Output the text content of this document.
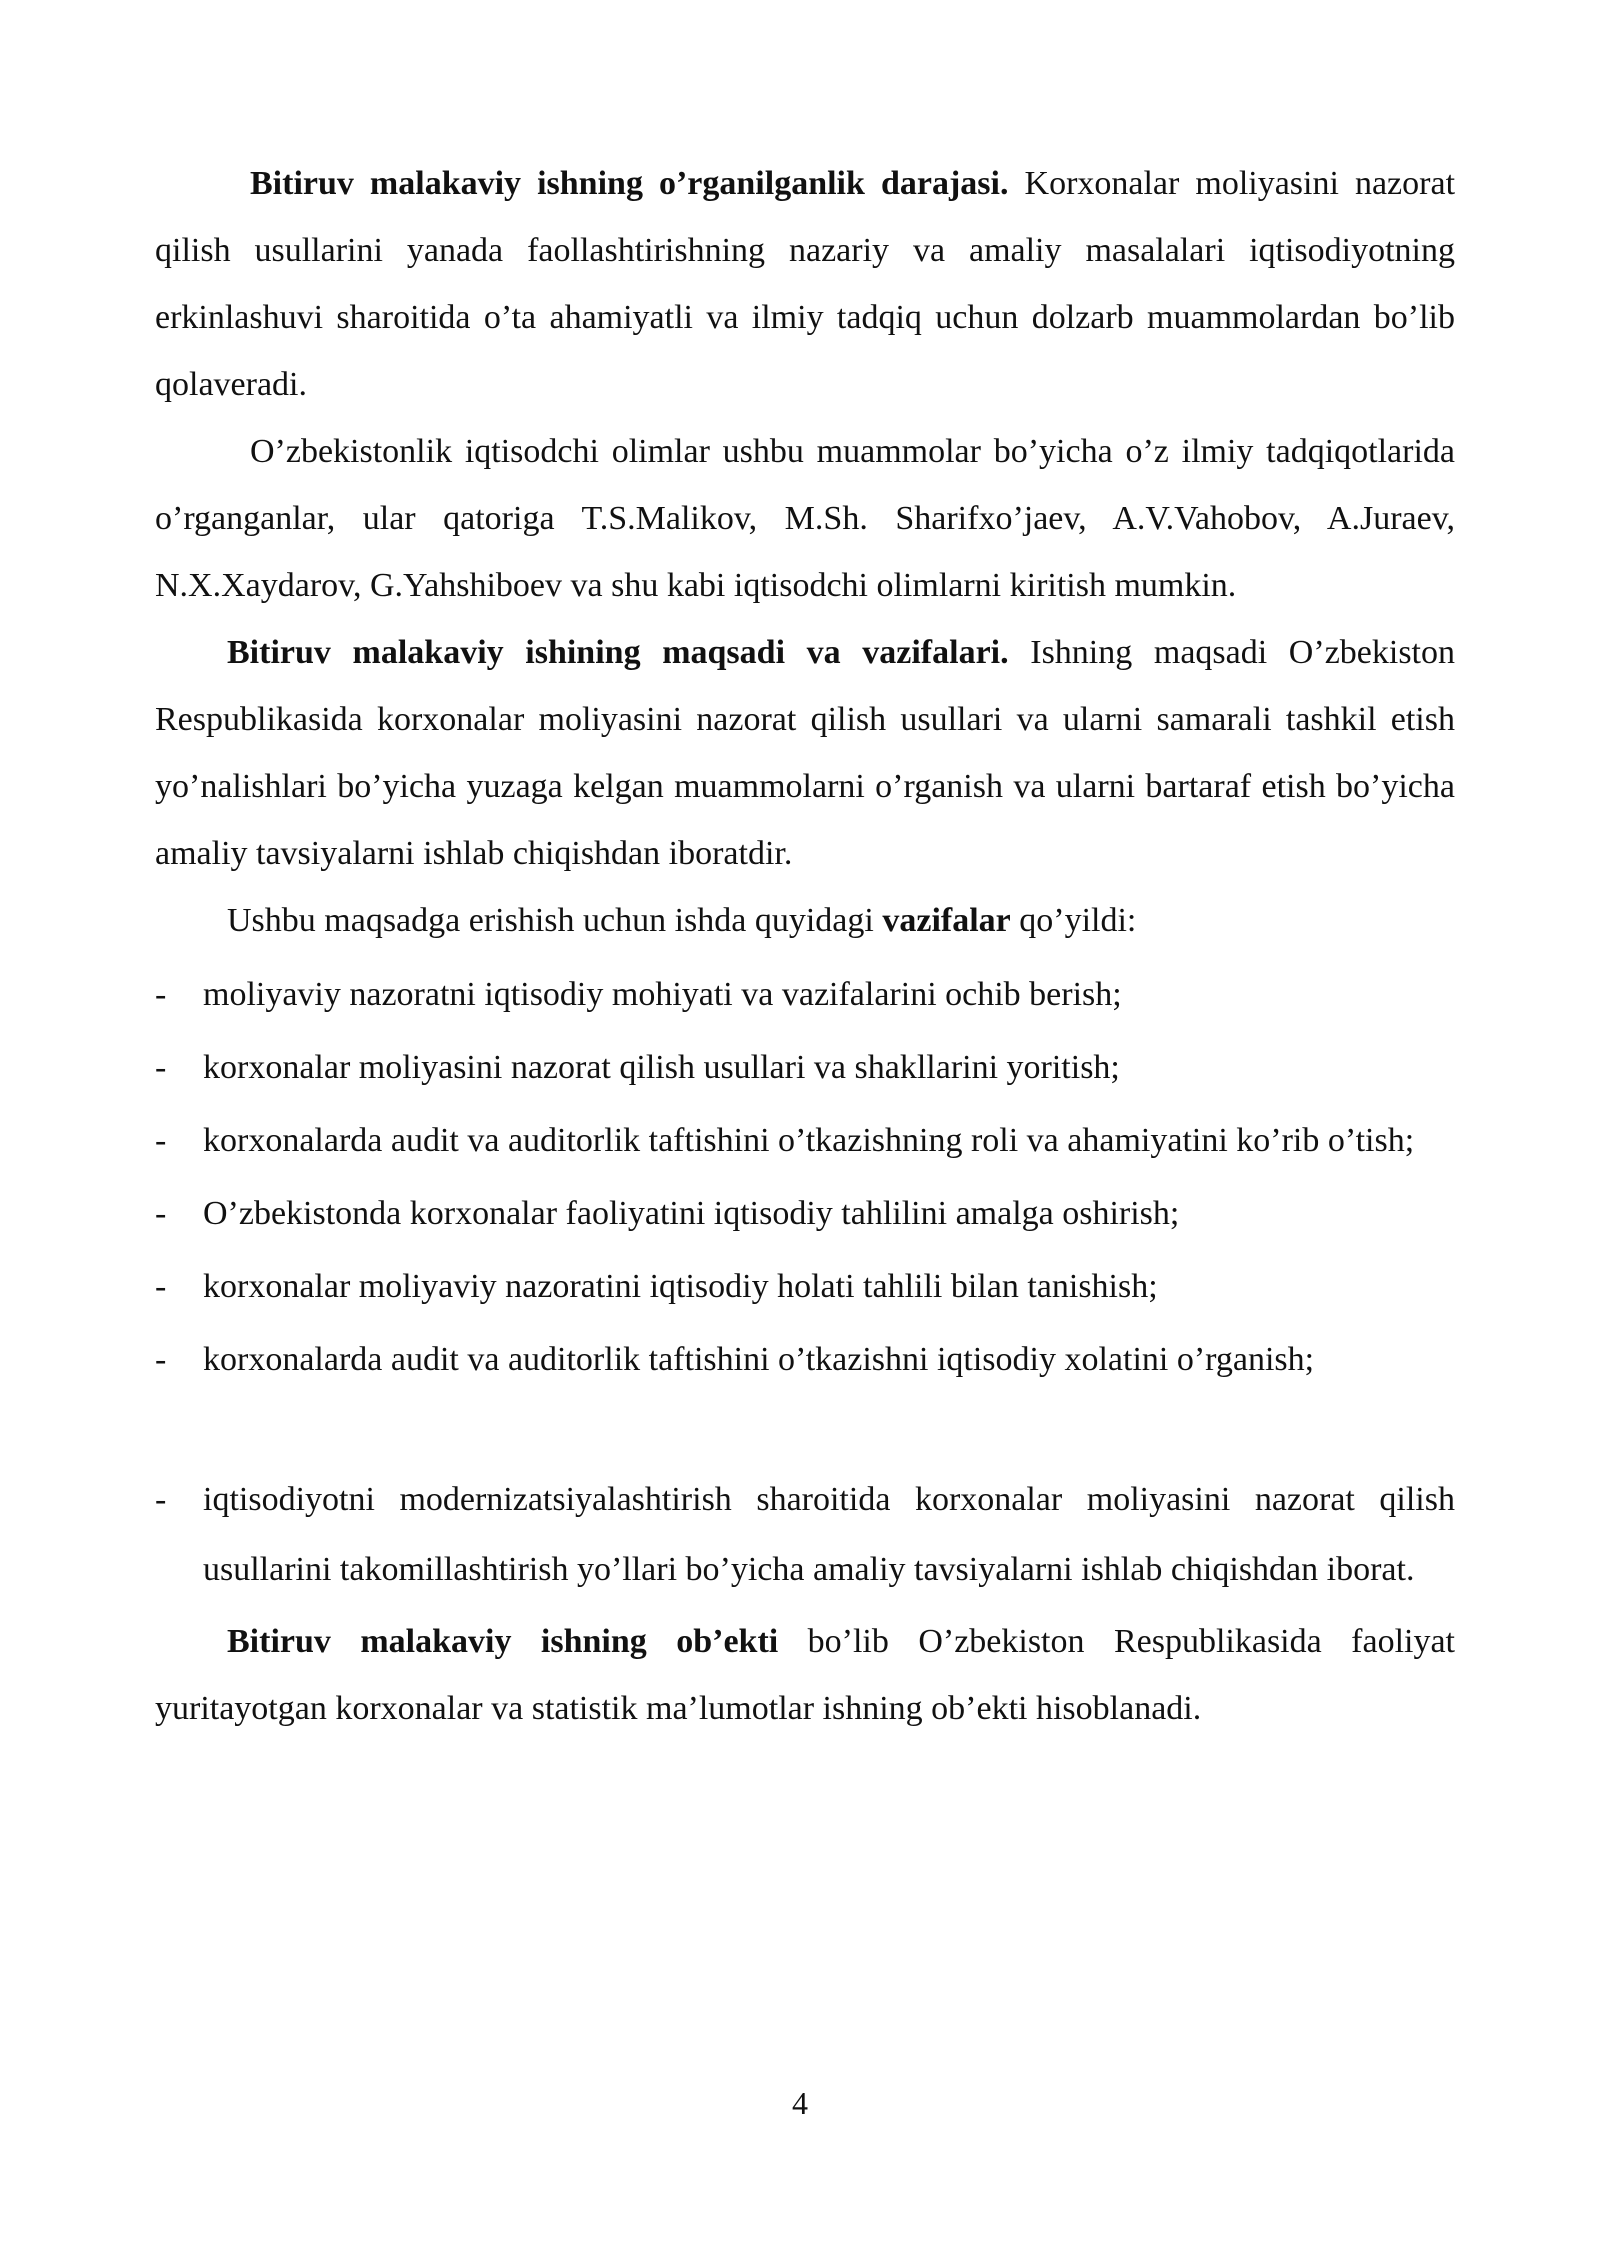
Bitiruv malakaviy ishning o’rganilganlik darajasi. Korxonalar moliyasini nazorat qilish usullarini yanada faollashtirishning nazariy va amaliy masalalari iqtisodiyotning erkinlashuvi sharoitida o’ta ahamiyatli va ilmiy tadqiq uchun dolzarb muammolardan bo’lib qolaveradi.

O’zbekistonlik iqtisodchi olimlar ushbu muammolar bo’yicha o’z ilmiy tadqiqotlarida o’rganganlar, ular qatoriga T.S.Malikov, M.Sh. Sharifxo’jaev, A.V.Vahobov, A.Juraev, N.X.Xaydarov, G.Yahshiboev va shu kabi iqtisodchi olimlarni kiritish mumkin.

Bitiruv malakaviy ishining maqsadi va vazifalari. Ishning maqsadi O’zbekiston Respublikasida korxonalar moliyasini nazorat qilish usullari va ularni samarali tashkil etish yo’nalishlari bo’yicha yuzaga kelgan muammolarni o’rganish va ularni bartaraf etish bo’yicha amaliy tavsiyalarni ishlab chiqishdan iboratdir.

Ushbu maqsadga erishish uchun ishda quyidagi vazifalar qo’yildi:

- moliyaviy nazoratni iqtisodiy mohiyati va vazifalarini ochib berish;
- korxonalar moliyasini nazorat qilish usullari va shakllarini yoritish;
- korxonalarda audit va auditorlik taftishini o’tkazishning roli va ahamiyatini ko’rib o’tish;
- O’zbekistonda korxonalar faoliyatini iqtisodiy tahlilini amalga oshirish;
- korxonalar moliyaviy nazoratini iqtisodiy holati tahlili bilan tanishish;
- korxonalarda audit va auditorlik taftishini o’tkazishni iqtisodiy xolatini o’rganish;
- iqtisodiyotni modernizatsiyalashtirish sharoitida korxonalar moliyasini nazorat qilish usullarini takomillashtirish yo’llari bo’yicha amaliy tavsiyalarni ishlab chiqishdan iborat.

Bitiruv malakaviy ishning ob’ekti bo’lib O’zbekiston Respublikasida faoliyat yuritayotgan korxonalar va statistik ma’lumotlar ishning ob’ekti hisoblanadi.

4
